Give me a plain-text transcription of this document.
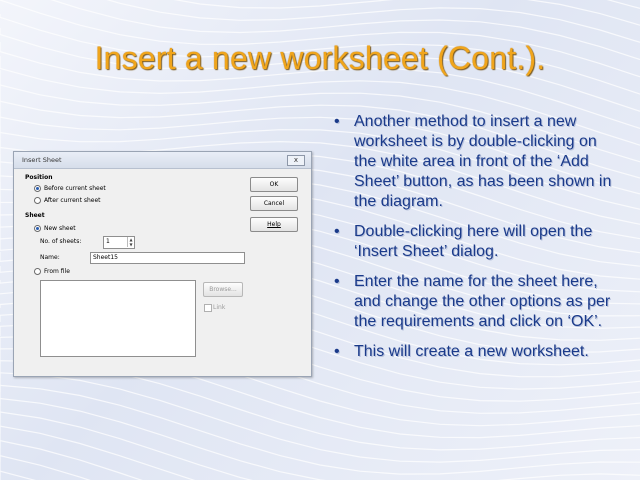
Insert a new worksheet (Cont.).
Insert Sheet	x
Position
Before current sheet
After current sheet
Sheet
New sheet
No. of sheets:	1	▲
▼
Name:	Sheet15
From file
Browse...
Link
OK
Cancel
Help
• Another method to insert a new worksheet is by double-clicking on the white area in front of the ‘Add Sheet’ button, as has been shown in the diagram.
• Double-clicking here will open the ‘Insert Sheet’ dialog.
• Enter the name for the sheet here, and change the other options as per the requirements and click on ‘OK’.
• This will create a new worksheet.
